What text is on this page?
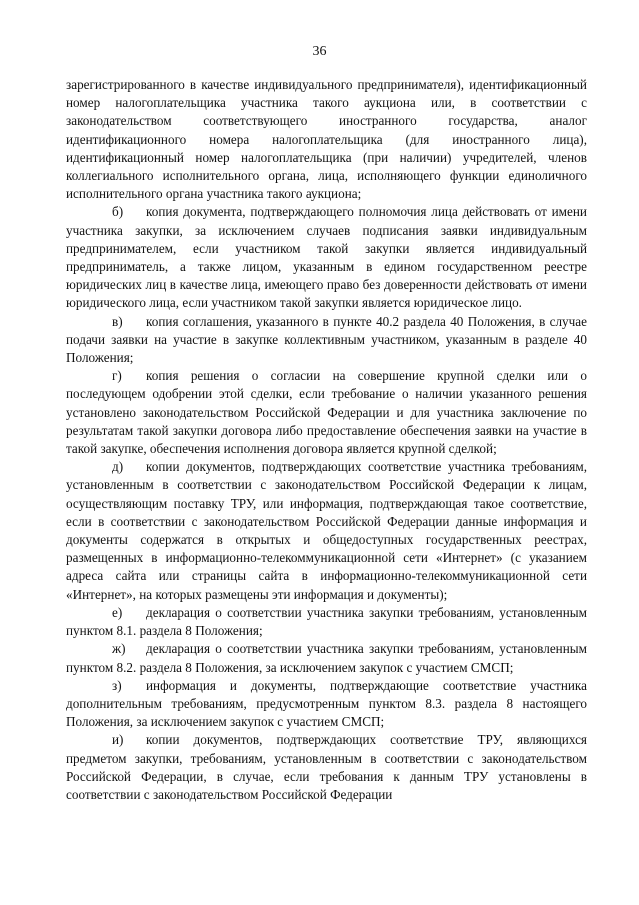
36

зарегистрированного в качестве индивидуального предпринимателя), идентификационный номер налогоплательщика участника такого аукциона или, в соответствии с законодательством соответствующего иностранного государства, аналог идентификационного номера налогоплательщика (для иностранного лица), идентификационный номер налогоплательщика (при наличии) учредителей, членов коллегиального исполнительного органа, лица, исполняющего функции единоличного исполнительного органа участника такого аукциона;

б) копия документа, подтверждающего полномочия лица действовать от имени участника закупки, за исключением случаев подписания заявки индивидуальным предпринимателем, если участником такой закупки является индивидуальный предприниматель, а также лицом, указанным в едином государственном реестре юридических лиц в качестве лица, имеющего право без доверенности действовать от имени юридического лица, если участником такой закупки является юридическое лицо.

в) копия соглашения, указанного в пункте 40.2 раздела 40 Положения, в случае подачи заявки на участие в закупке коллективным участником, указанным в разделе 40 Положения;

г) копия решения о согласии на совершение крупной сделки или о последующем одобрении этой сделки, если требование о наличии указанного решения установлено законодательством Российской Федерации и для участника заключение по результатам такой закупки договора либо предоставление обеспечения заявки на участие в такой закупке, обеспечения исполнения договора является крупной сделкой;

д) копии документов, подтверждающих соответствие участника требованиям, установленным в соответствии с законодательством Российской Федерации к лицам, осуществляющим поставку ТРУ, или информация, подтверждающая такое соответствие, если в соответствии с законодательством Российской Федерации данные информация и документы содержатся в открытых и общедоступных государственных реестрах, размещенных в информационно-телекоммуникационной сети «Интернет» (с указанием адреса сайта или страницы сайта в информационно-телекоммуникационной сети «Интернет», на которых размещены эти информация и документы);

е) декларация о соответствии участника закупки требованиям, установленным пунктом 8.1. раздела 8 Положения;

ж) декларация о соответствии участника закупки требованиям, установленным пунктом 8.2. раздела 8 Положения, за исключением закупок с участием СМСП;

з) информация и документы, подтверждающие соответствие участника дополнительным требованиям, предусмотренным пунктом 8.3. раздела 8 настоящего Положения, за исключением закупок с участием СМСП;

и) копии документов, подтверждающих соответствие ТРУ, являющихся предметом закупки, требованиям, установленным в соответствии с законодательством Российской Федерации, в случае, если требования к данным ТРУ установлены в соответствии с законодательством Российской Федерации
